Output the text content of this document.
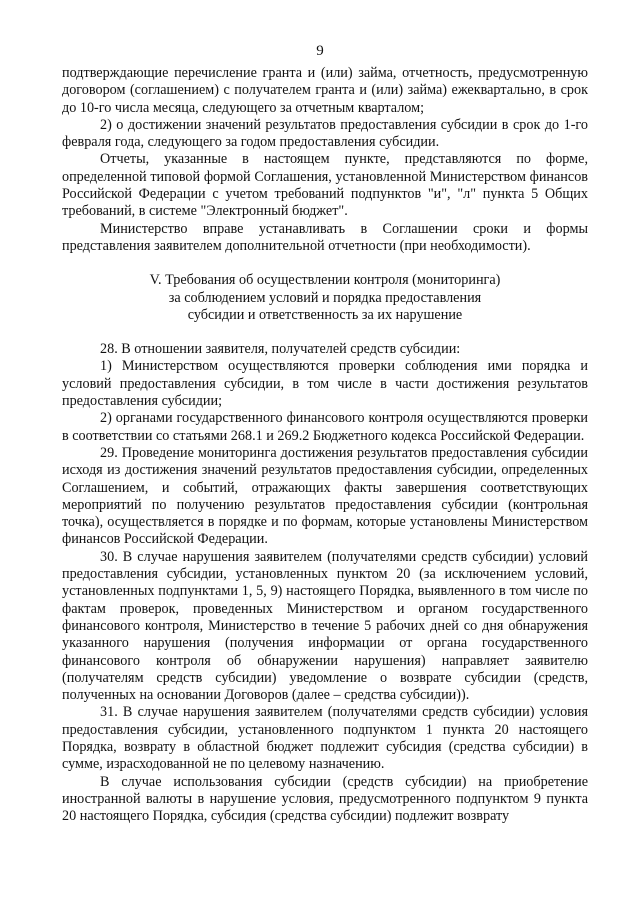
9

подтверждающие перечисление гранта и (или) займа, отчетность, предусмотренную договором (соглашением) с получателем гранта и (или) займа) ежеквартально, в срок до 10-го числа месяца, следующего за отчетным кварталом;

2) о достижении значений результатов предоставления субсидии в срок до 1-го февраля года, следующего за годом предоставления субсидии.

Отчеты, указанные в настоящем пункте, представляются по форме, определенной типовой формой Соглашения, установленной Министерством финансов Российской Федерации с учетом требований подпунктов "и", "л" пункта 5 Общих требований, в системе "Электронный бюджет".

Министерство вправе устанавливать в Соглашении сроки и формы представления заявителем дополнительной отчетности (при необходимости).

V. Требования об осуществлении контроля (мониторинга)
за соблюдением условий и порядка предоставления
субсидии и ответственность за их нарушение

28. В отношении заявителя, получателей средств субсидии:

1) Министерством осуществляются проверки соблюдения ими порядка и условий предоставления субсидии, в том числе в части достижения результатов предоставления субсидии;

2) органами государственного финансового контроля осуществляются проверки в соответствии со статьями 268.1 и 269.2 Бюджетного кодекса Российской Федерации.

29. Проведение мониторинга достижения результатов предоставления субсидии исходя из достижения значений результатов предоставления субсидии, определенных Соглашением, и событий, отражающих факты завершения соответствующих мероприятий по получению результатов предоставления субсидии (контрольная точка), осуществляется в порядке и по формам, которые установлены Министерством финансов Российской Федерации.

30. В случае нарушения заявителем (получателями средств субсидии) условий предоставления субсидии, установленных пунктом 20 (за исключением условий, установленных подпунктами 1, 5, 9) настоящего Порядка, выявленного в том числе по фактам проверок, проведенных Министерством и органом государственного финансового контроля, Министерство в течение 5 рабочих дней со дня обнаружения указанного нарушения (получения информации от органа государственного финансового контроля об обнаружении нарушения) направляет заявителю (получателям средств субсидии) уведомление о возврате субсидии (средств, полученных на основании Договоров (далее – средства субсидии)).

31. В случае нарушения заявителем (получателями средств субсидии) условия предоставления субсидии, установленного подпунктом 1 пункта 20 настоящего Порядка, возврату в областной бюджет подлежит субсидия (средства субсидии) в сумме, израсходованной не по целевому назначению.

В случае использования субсидии (средств субсидии) на приобретение иностранной валюты в нарушение условия, предусмотренного подпунктом 9 пункта 20 настоящего Порядка, субсидия (средства субсидии) подлежит возврату
